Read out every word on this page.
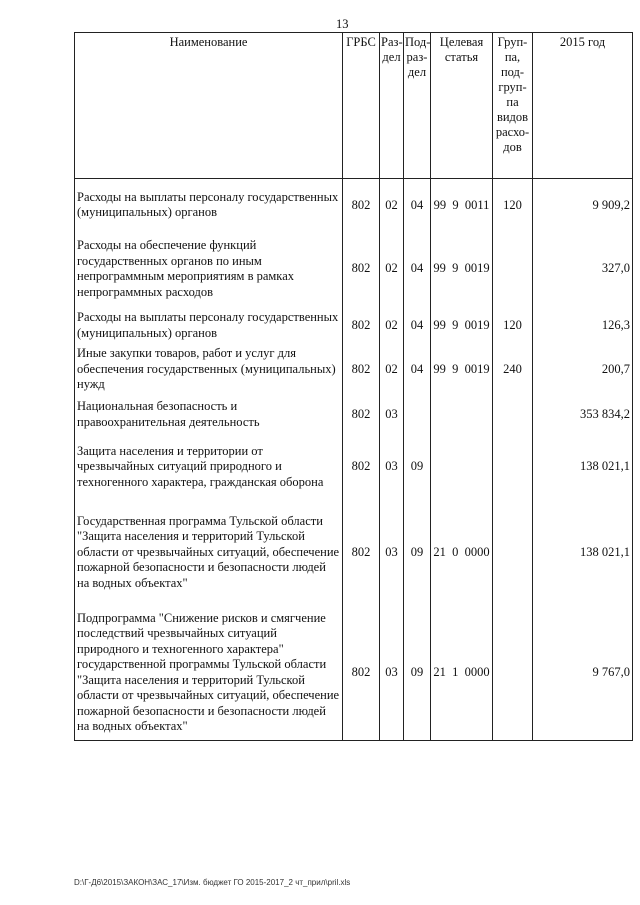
13
Наименование	ГРБС	Раз- дел	Под- раз- дел	Целевая статья	Груп- па, под- груп- па видов расхо- дов	2015 год
Расходы на выплаты персоналу государственных (муниципальных) органов	802	02	04	99  9  0011	120	9 909,2
Расходы на обеспечение функций государственных органов по иным непрограммным мероприятиям в рамках непрограммных расходов	802	02	04	99  9  0019		327,0
Расходы на выплаты персоналу государственных (муниципальных) органов	802	02	04	99  9  0019	120	126,3
Иные закупки товаров, работ и услуг для обеспечения государственных (муниципальных) нужд	802	02	04	99  9  0019	240	200,7
Национальная безопасность и правоохранительная деятельность	802	03				353 834,2
Защита населения и территории от чрезвычайных ситуаций природного и техногенного характера, гражданская оборона	802	03	09			138 021,1
Государственная программа Тульской области "Защита населения и территорий Тульской области от чрезвычайных ситуаций, обеспечение пожарной безопасности и безопасности людей на водных объектах"	802	03	09	21  0  0000		138 021,1
Подпрограмма "Снижение рисков и смягчение последствий чрезвычайных ситуаций природного и техногенного характера" государственной программы Тульской области "Защита населения и территорий Тульской области от чрезвычайных ситуаций, обеспечение пожарной безопасности и безопасности людей на водных объектах"	802	03	09	21  1  0000		9 767,0
D:\Г-Д6\2015\ЗАКОН\ЗАС_17\Изм. бюджет ГО 2015-2017_2 чт_прил\pril.xls
